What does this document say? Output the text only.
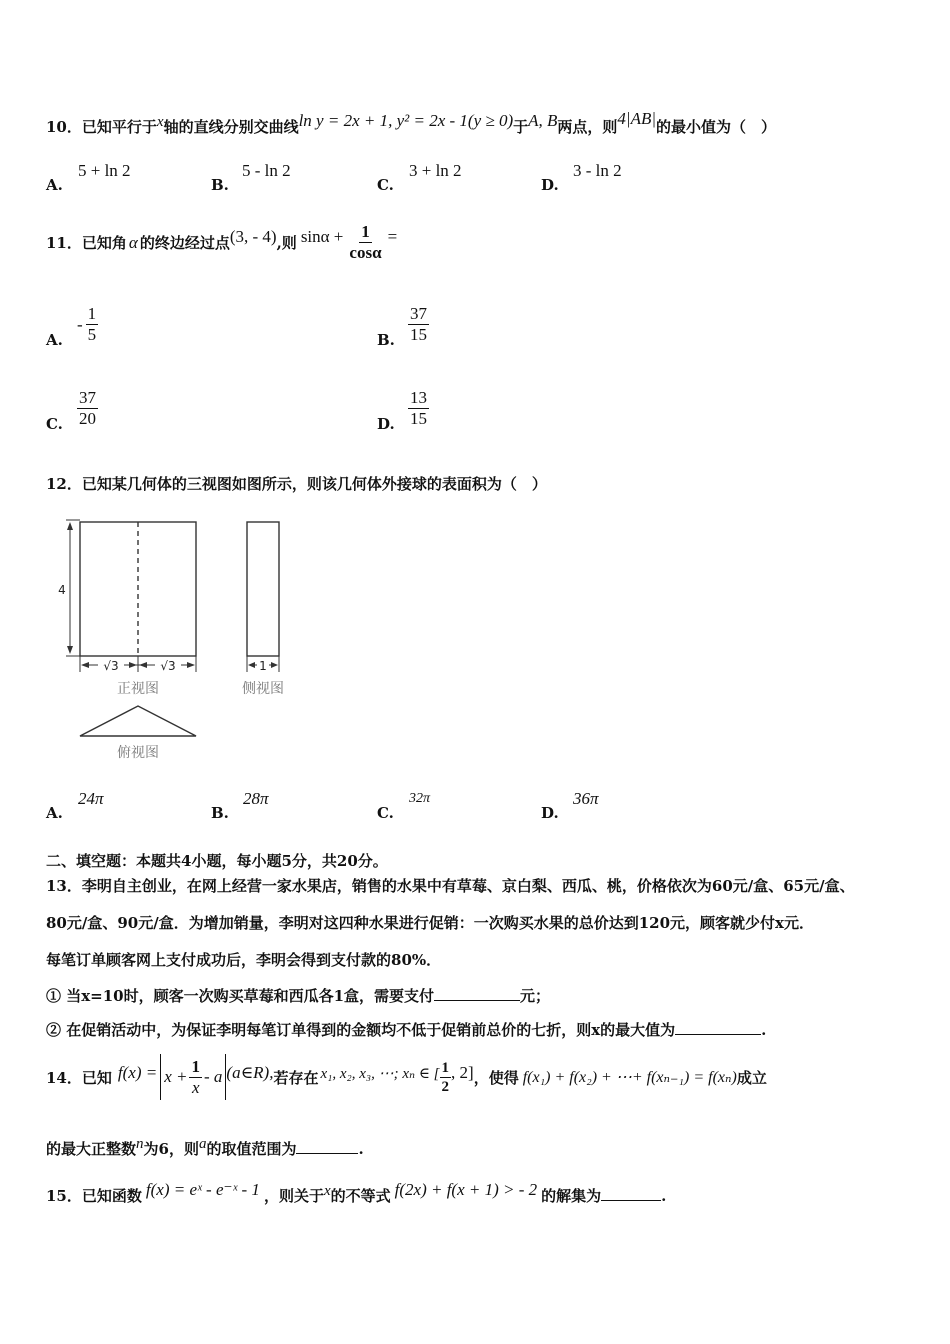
10．已知平行于x轴的直线分别交曲线ln y = 2x + 1, y² = 2x - 1(y ≥ 0)于A, B两点，则4|AB|的最小值为（　）
A.
5 + ln 2
B.
5 - ln 2
C.
3 + ln 2
D.
3 - ln 2
11． 已知角 α 的终边经过点 (3, - 4) ,则 $\sin\alpha + \frac{1}{\cos\alpha}$ =
A.
- $\frac{1}{5}$	B. $\frac{37}{15}$
C. $\frac{37}{20}$	D. $\frac{13}{15}$
12．已知某几何体的三视图如图所示，则该几何体外接球的表面积为（　）
4
√3	√3	1
正视图	侧视图
俯视图
A.
24π
B.
28π
C.
32π
D.
36π
二、填空题：本题共4小题，每小题5分，共20分。
13．李明自主创业，在网上经营一家水果店，销售的水果中有草莓、京白梨、西瓜、桃，价格依次为60元/盒、65元/盒、
80元/盒、90元/盒．为增加销量，李明对这四种水果进行促销：一次购买水果的总价达到120元，顾客就少付x元．
每笔订单顾客网上支付成功后，李明会得到支付款的80%．
① 当x=10时，顾客一次购买草莓和西瓜各1盒，需要支付	元；
② 在促销活动中，为保证李明每笔订单得到的金额均不低于促销前总价的七折，则x的最大值为	.
14． 已知 $f(x) = x + \frac{1}{x} - a$ (a∈R), 若存在 x₁, x₂, x₃, ⋯; xₙ ∈ [ $\frac{1}{2}$ , 2] ，使得 f(x₁) + f(x₂) + ⋯+ f(xₙ₋₁) = f(xₙ) 成立
的最大正整数n为6，则a的取值范围为	.
15．已知函数 f(x) = eˣ - e⁻ˣ - 1 ，则关于x的不等式 f(2x) + f(x + 1) > - 2 的解集为	.
